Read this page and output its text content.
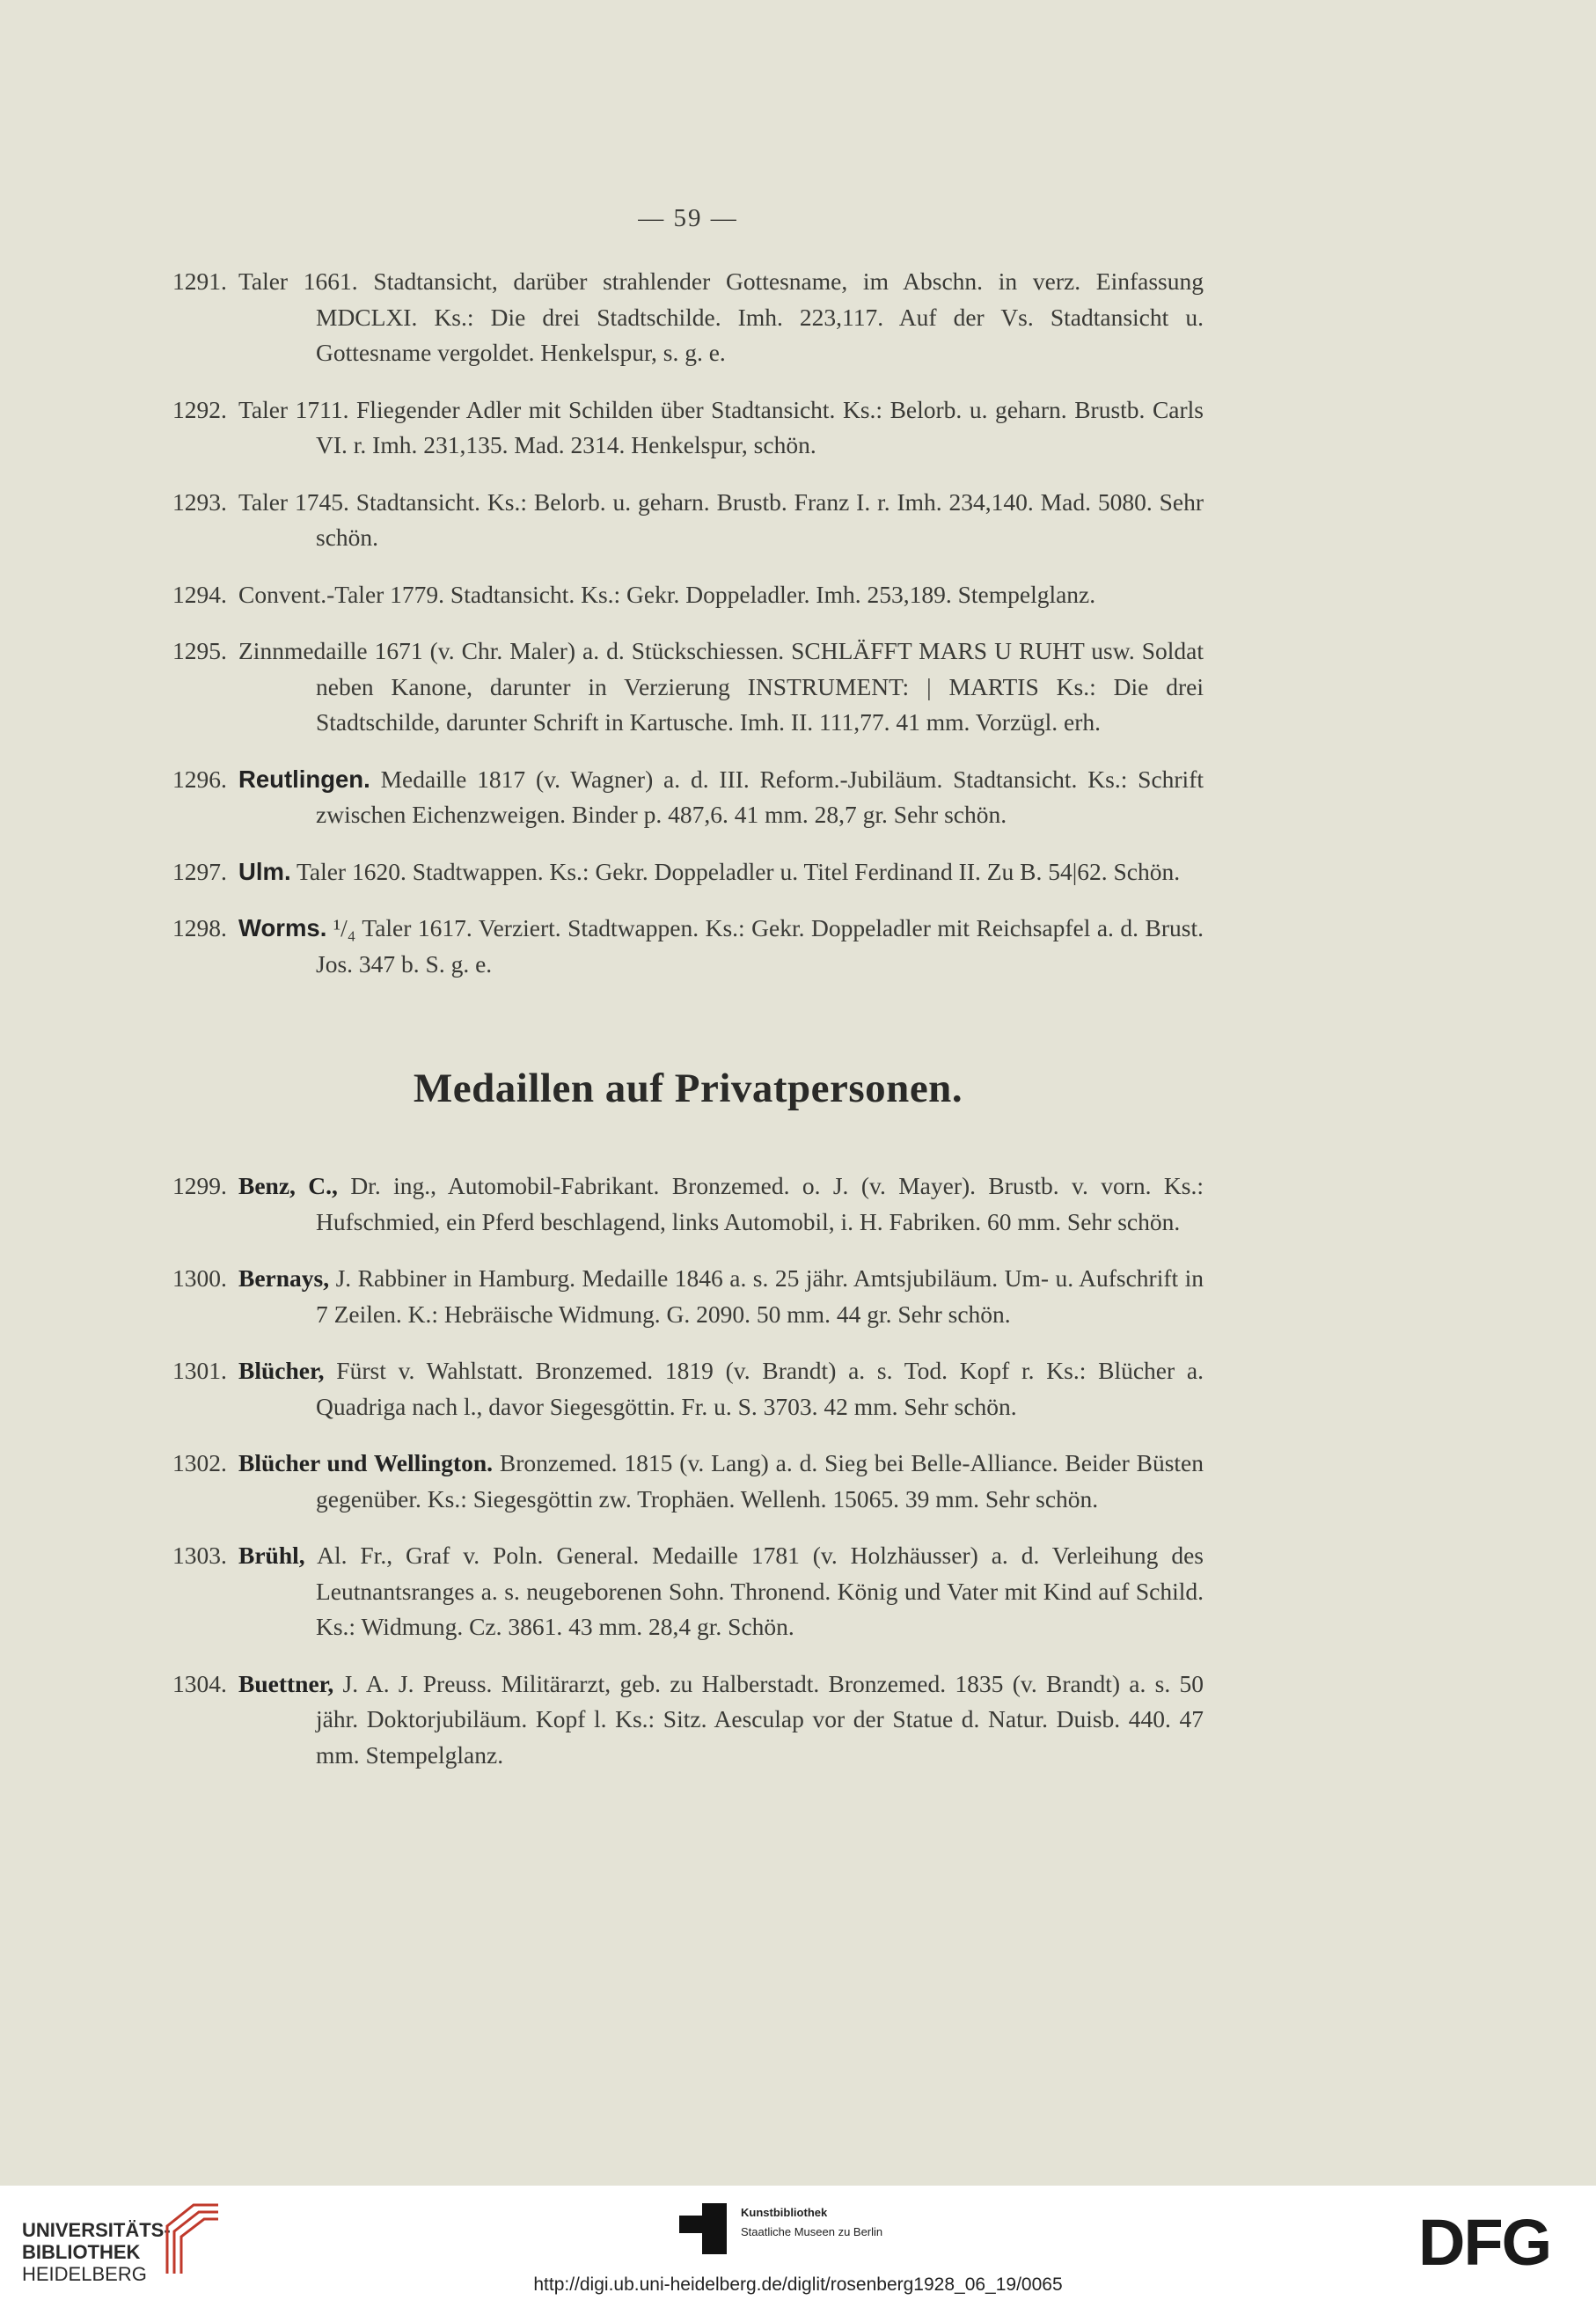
— 59 —
1291. Taler 1661. Stadtansicht, darüber strahlender Gottesname, im Abschn. in verz. Einfassung MDCLXI. Ks.: Die drei Stadtschilde. Imh. 223,117. Auf der Vs. Stadtansicht u. Gottesname vergoldet. Henkelspur, s. g. e.
1292. Taler 1711. Fliegender Adler mit Schilden über Stadtansicht. Ks.: Belorb. u. geharn. Brustb. Carls VI. r. Imh. 231,135. Mad. 2314. Henkelspur, schön.
1293. Taler 1745. Stadtansicht. Ks.: Belorb. u. geharn. Brustb. Franz I. r. Imh. 234,140. Mad. 5080. Sehr schön.
1294. Convent.-Taler 1779. Stadtansicht. Ks.: Gekr. Doppeladler. Imh. 253,189. Stempelglanz.
1295. Zinnmedaille 1671 (v. Chr. Maler) a. d. Stückschiessen. SCHLÄFFT MARS U RUHT usw. Soldat neben Kanone, darunter in Verzierung INSTRUMENT: | MARTIS Ks.: Die drei Stadtschilde, darunter Schrift in Kartusche. Imh. II. 111,77. 41 mm. Vorzügl. erh.
1296. Reutlingen. Medaille 1817 (v. Wagner) a. d. III. Reform.-Jubiläum. Stadtansicht. Ks.: Schrift zwischen Eichenzweigen. Binder p. 487,6. 41 mm. 28,7 gr. Sehr schön.
1297. Ulm. Taler 1620. Stadtwappen. Ks.: Gekr. Doppeladler u. Titel Ferdinand II. Zu B. 54|62. Schön.
1298. Worms. ¹/₄ Taler 1617. Verziert. Stadtwappen. Ks.: Gekr. Doppeladler mit Reichsapfel a. d. Brust. Jos. 347 b. S. g. e.
Medaillen auf Privatpersonen.
1299. Benz, C., Dr. ing., Automobil-Fabrikant. Bronzemed. o. J. (v. Mayer). Brustb. v. vorn. Ks.: Hufschmied, ein Pferd beschlagend, links Automobil, i. H. Fabriken. 60 mm. Sehr schön.
1300. Bernays, J. Rabbiner in Hamburg. Medaille 1846 a. s. 25 jähr. Amtsjubiläum. Um- u. Aufschrift in 7 Zeilen. K.: Hebräische Widmung. G. 2090. 50 mm. 44 gr. Sehr schön.
1301. Blücher, Fürst v. Wahlstatt. Bronzemed. 1819 (v. Brandt) a. s. Tod. Kopf r. Ks.: Blücher a. Quadriga nach l., davor Siegesgöttin. Fr. u. S. 3703. 42 mm. Sehr schön.
1302. Blücher und Wellington. Bronzemed. 1815 (v. Lang) a. d. Sieg bei Belle-Alliance. Beider Büsten gegenüber. Ks.: Siegesgöttin zw. Trophäen. Wellenh. 15065. 39 mm. Sehr schön.
1303. Brühl, Al. Fr., Graf v. Poln. General. Medaille 1781 (v. Holzhäusser) a. d. Verleihung des Leutnantsranges a. s. neugeborenen Sohn. Thronend. König und Vater mit Kind auf Schild. Ks.: Widmung. Cz. 3861. 43 mm. 28,4 gr. Schön.
1304. Buettner, J. A. J. Preuss. Militärarzt, geb. zu Halberstadt. Bronzemed. 1835 (v. Brandt) a. s. 50 jähr. Doktorjubiläum. Kopf l. Ks.: Sitz. Aesculap vor der Statue d. Natur. Duisb. 440. 47 mm. Stempelglanz.
UNIVERSITÄTS-
BIBLIOTHEK
HEIDELBERG
Kunstbibliothek
Staatliche Museen zu Berlin	DFG
http://digi.ub.uni-heidelberg.de/diglit/rosenberg1928_06_19/0065
